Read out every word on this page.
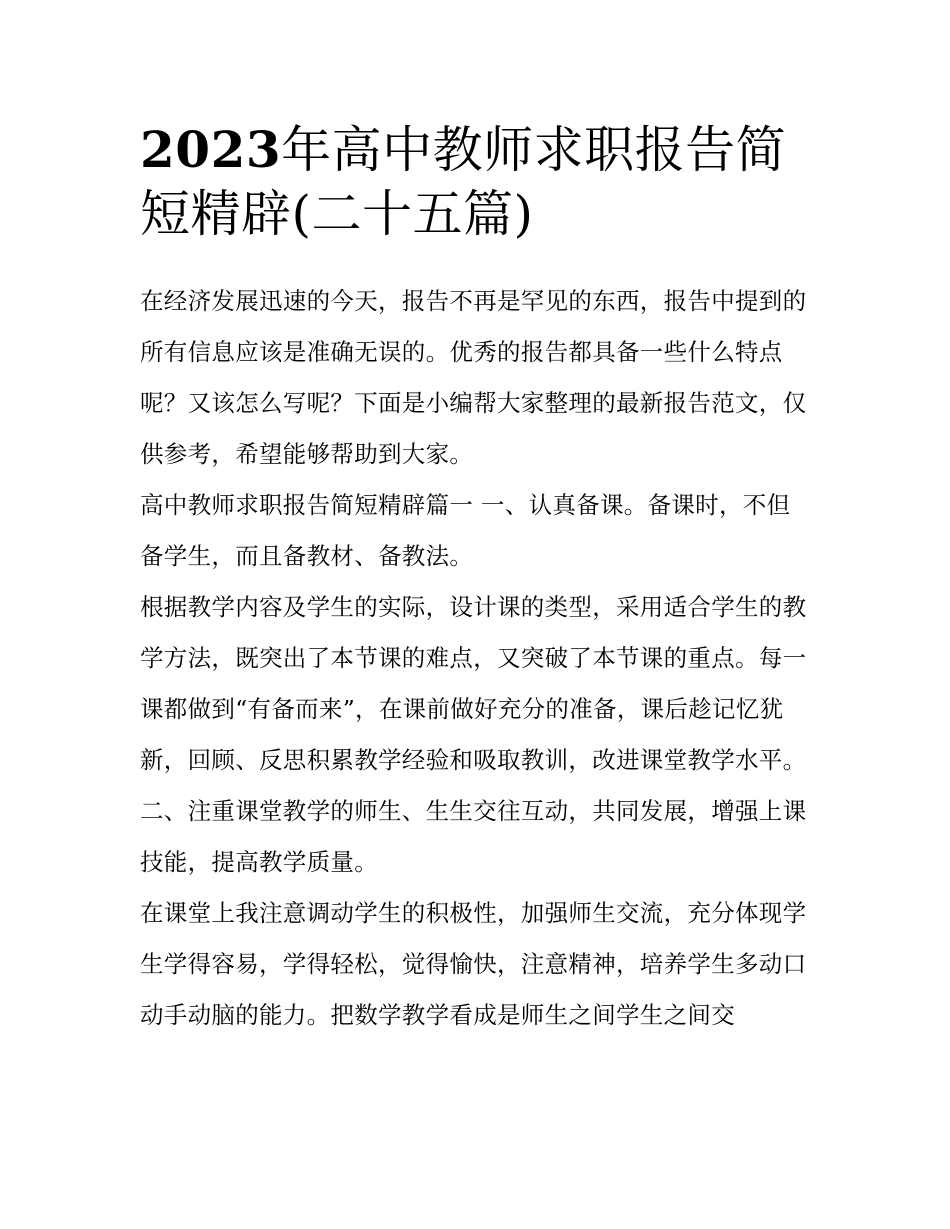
2023年高中教师求职报告简短精辟(二十五篇)

在经济发展迅速的今天，报告不再是罕见的东西，报告中提到的所有信息应该是准确无误的。优秀的报告都具备一些什么特点呢？又该怎么写呢？下面是小编帮大家整理的最新报告范文，仅供参考，希望能够帮助到大家。

高中教师求职报告简短精辟篇一 一、认真备课。备课时，不但备学生，而且备教材、备教法。

根据教学内容及学生的实际，设计课的类型，采用适合学生的教学方法，既突出了本节课的难点，又突破了本节课的重点。每一课都做到“有备而来”，在课前做好充分的准备，课后趁记忆犹新，回顾、反思积累教学经验和吸取教训，改进课堂教学水平。

二、注重课堂教学的师生、生生交往互动，共同发展，增强上课技能，提高教学质量。

在课堂上我注意调动学生的积极性，加强师生交流，充分体现学生学得容易，学得轻松，觉得愉快，注意精神，培养学生多动口动手动脑的能力。把数学教学看成是师生之间学生之间交
